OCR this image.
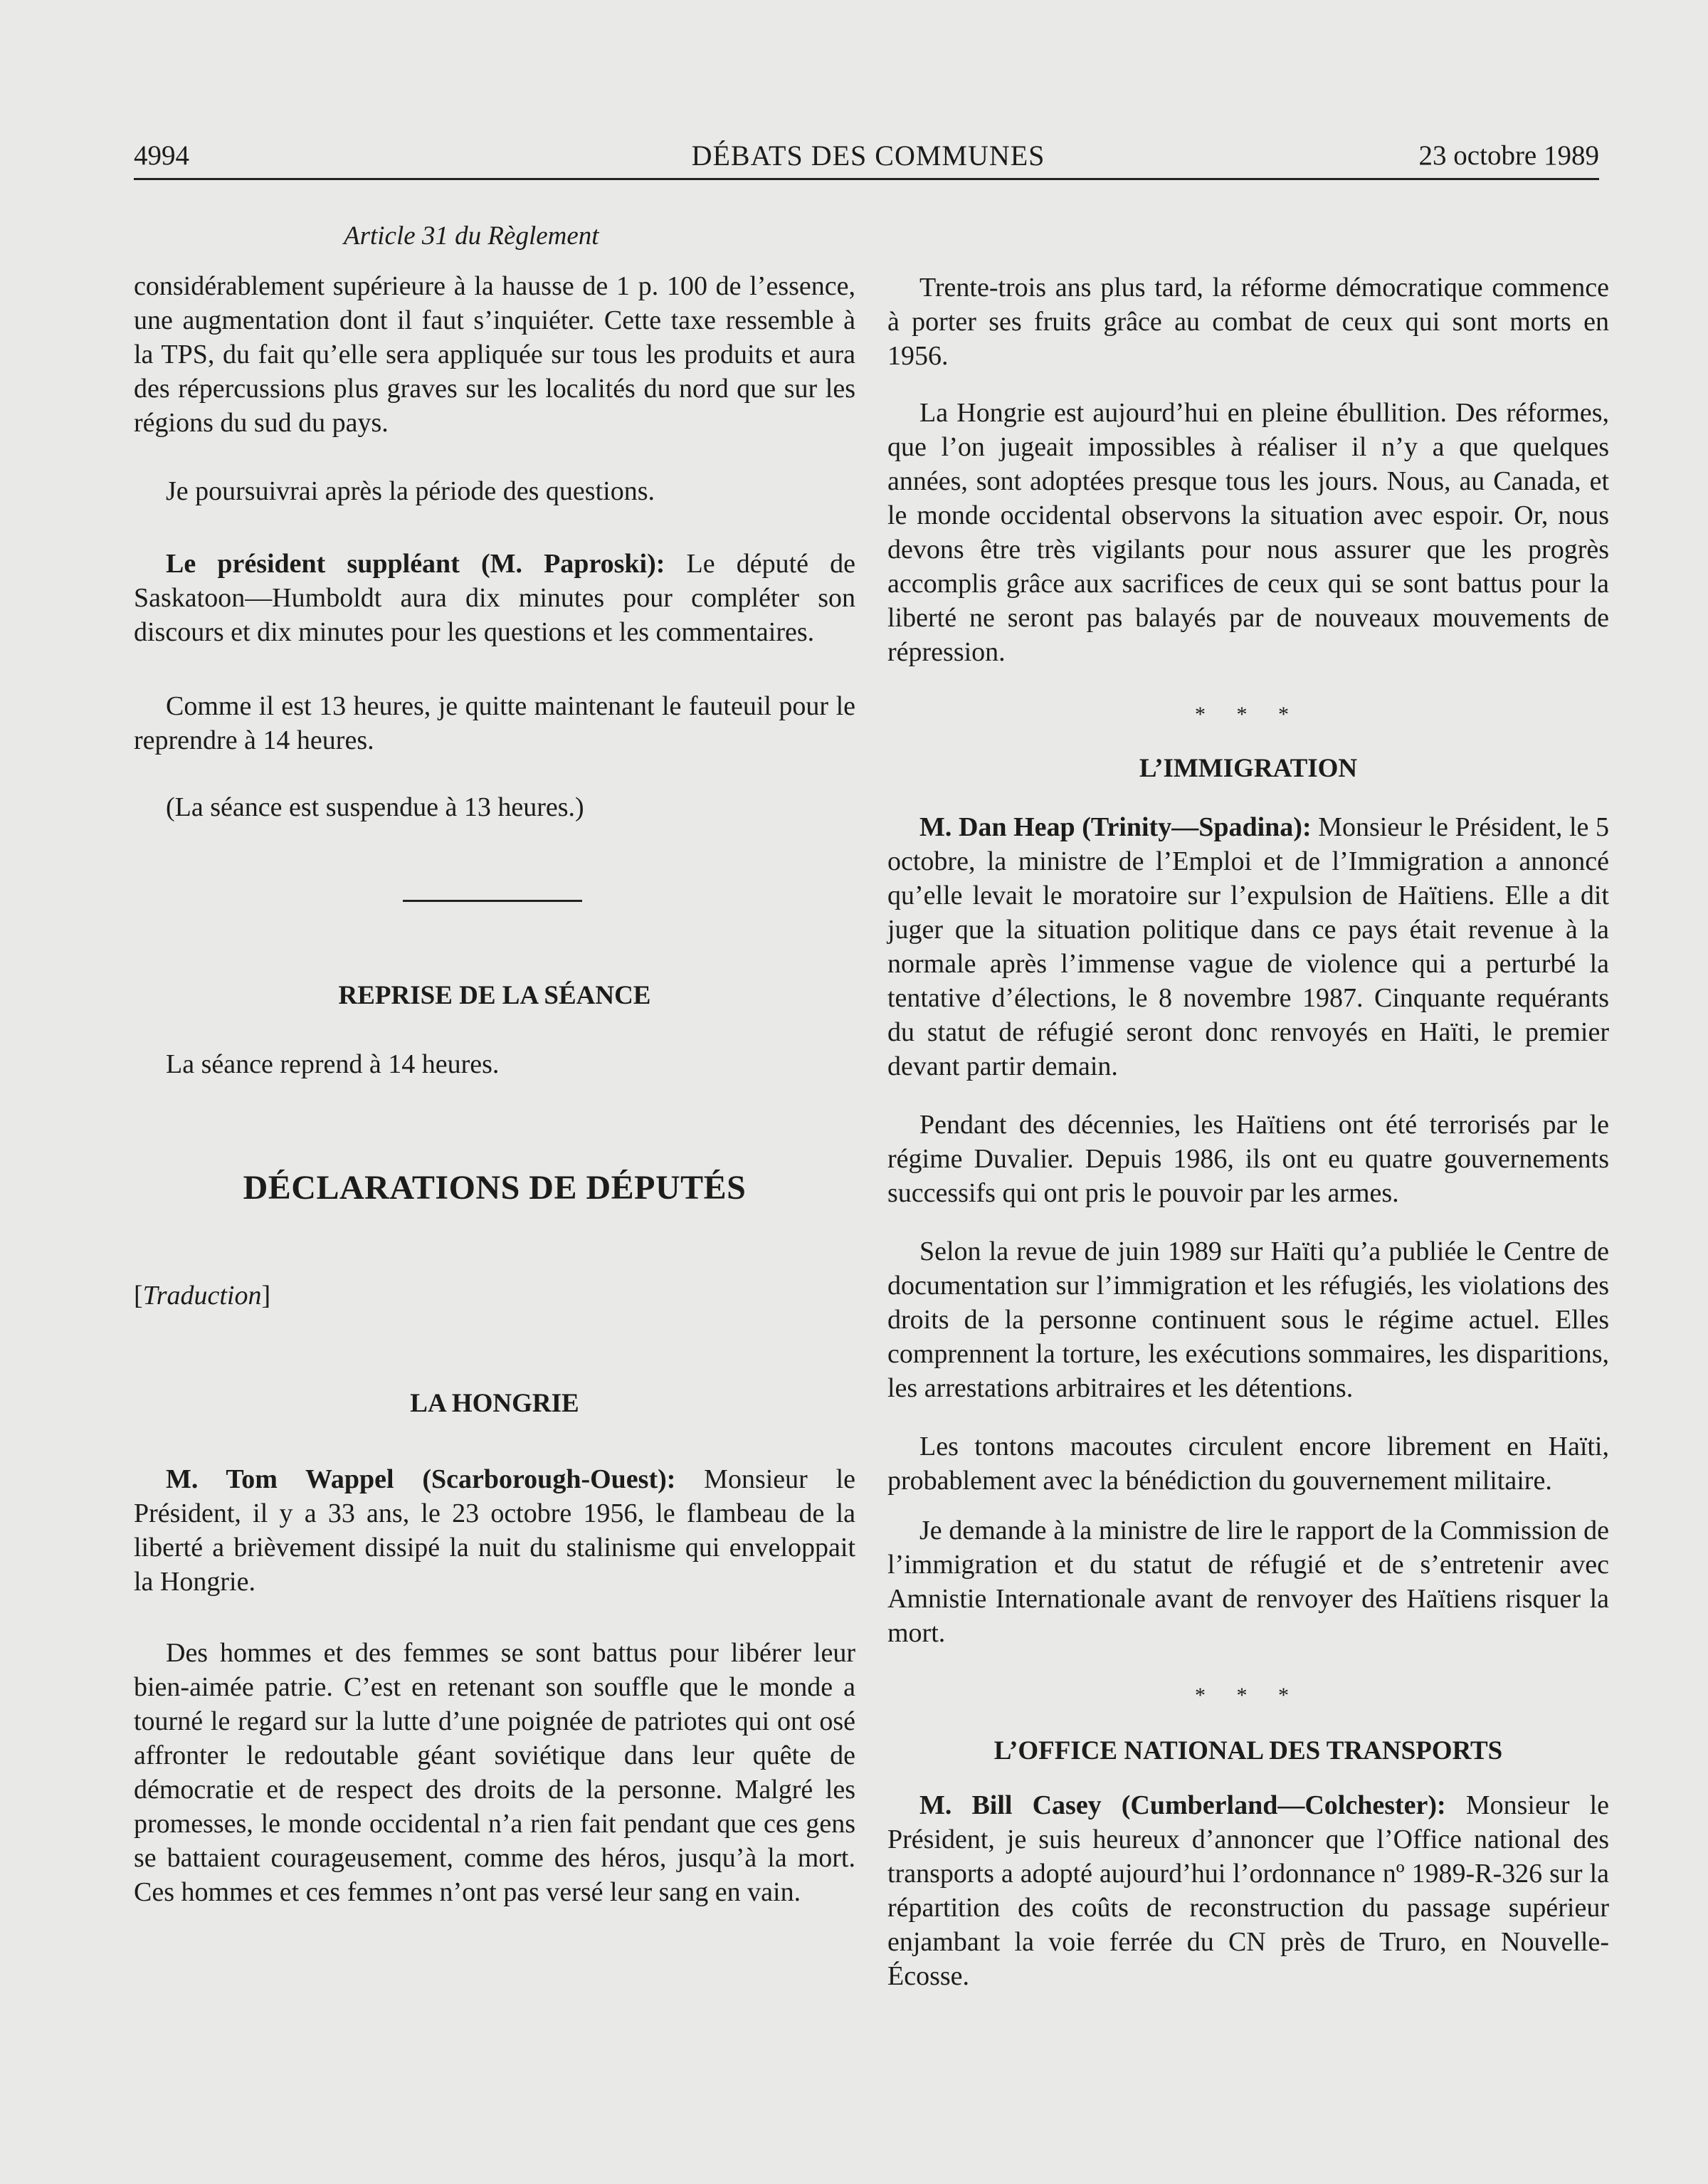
4994	DÉBATS DES COMMUNES	23 octobre 1989

Article 31 du Règlement

considérablement supérieure à la hausse de 1 p. 100 de l’essence, une augmentation dont il faut s’inquiéter. Cette taxe ressemble à la TPS, du fait qu’elle sera appliquée sur tous les produits et aura des répercussions plus graves sur les localités du nord que sur les régions du sud du pays.

Je poursuivrai après la période des questions.

Le président suppléant (M. Paproski): Le député de Saskatoon—Humboldt aura dix minutes pour compléter son discours et dix minutes pour les questions et les commentaires.

Comme il est 13 heures, je quitte maintenant le fauteuil pour le reprendre à 14 heures.

(La séance est suspendue à 13 heures.)

REPRISE DE LA SÉANCE

La séance reprend à 14 heures.

DÉCLARATIONS DE DÉPUTÉS

[Traduction]

LA HONGRIE

M. Tom Wappel (Scarborough-Ouest): Monsieur le Président, il y a 33 ans, le 23 octobre 1956, le flambeau de la liberté a brièvement dissipé la nuit du stalinisme qui enveloppait la Hongrie.

Des hommes et des femmes se sont battus pour libérer leur bien-aimée patrie. C’est en retenant son souffle que le monde a tourné le regard sur la lutte d’une poignée de patriotes qui ont osé affronter le redoutable géant soviétique dans leur quête de démocratie et de respect des droits de la personne. Malgré les promesses, le monde occidental n’a rien fait pendant que ces gens se battaient courageusement, comme des héros, jusqu’à la mort. Ces hommes et ces femmes n’ont pas versé leur sang en vain.

Trente-trois ans plus tard, la réforme démocratique commence à porter ses fruits grâce au combat de ceux qui sont morts en 1956.

La Hongrie est aujourd’hui en pleine ébullition. Des réformes, que l’on jugeait impossibles à réaliser il n’y a que quelques années, sont adoptées presque tous les jours. Nous, au Canada, et le monde occidental observons la situation avec espoir. Or, nous devons être très vigilants pour nous assurer que les progrès accomplis grâce aux sacrifices de ceux qui se sont battus pour la liberté ne seront pas balayés par de nouveaux mouvements de répression.

* * *

L’IMMIGRATION

M. Dan Heap (Trinity—Spadina): Monsieur le Président, le 5 octobre, la ministre de l’Emploi et de l’Immigration a annoncé qu’elle levait le moratoire sur l’expulsion de Haïtiens. Elle a dit juger que la situation politique dans ce pays était revenue à la normale après l’immense vague de violence qui a perturbé la tentative d’élections, le 8 novembre 1987. Cinquante requérants du statut de réfugié seront donc renvoyés en Haïti, le premier devant partir demain.

Pendant des décennies, les Haïtiens ont été terrorisés par le régime Duvalier. Depuis 1986, ils ont eu quatre gouvernements successifs qui ont pris le pouvoir par les armes.

Selon la revue de juin 1989 sur Haïti qu’a publiée le Centre de documentation sur l’immigration et les réfugiés, les violations des droits de la personne continuent sous le régime actuel. Elles comprennent la torture, les exécutions sommaires, les disparitions, les arrestations arbitraires et les détentions.

Les tontons macoutes circulent encore librement en Haïti, probablement avec la bénédiction du gouvernement militaire.

Je demande à la ministre de lire le rapport de la Commission de l’immigration et du statut de réfugié et de s’entretenir avec Amnistie Internationale avant de renvoyer des Haïtiens risquer la mort.

* * *

L’OFFICE NATIONAL DES TRANSPORTS

M. Bill Casey (Cumberland—Colchester): Monsieur le Président, je suis heureux d’annoncer que l’Office national des transports a adopté aujourd’hui l’ordonnance nº 1989-R-326 sur la répartition des coûts de reconstruction du passage supérieur enjambant la voie ferrée du CN près de Truro, en Nouvelle-Écosse.
